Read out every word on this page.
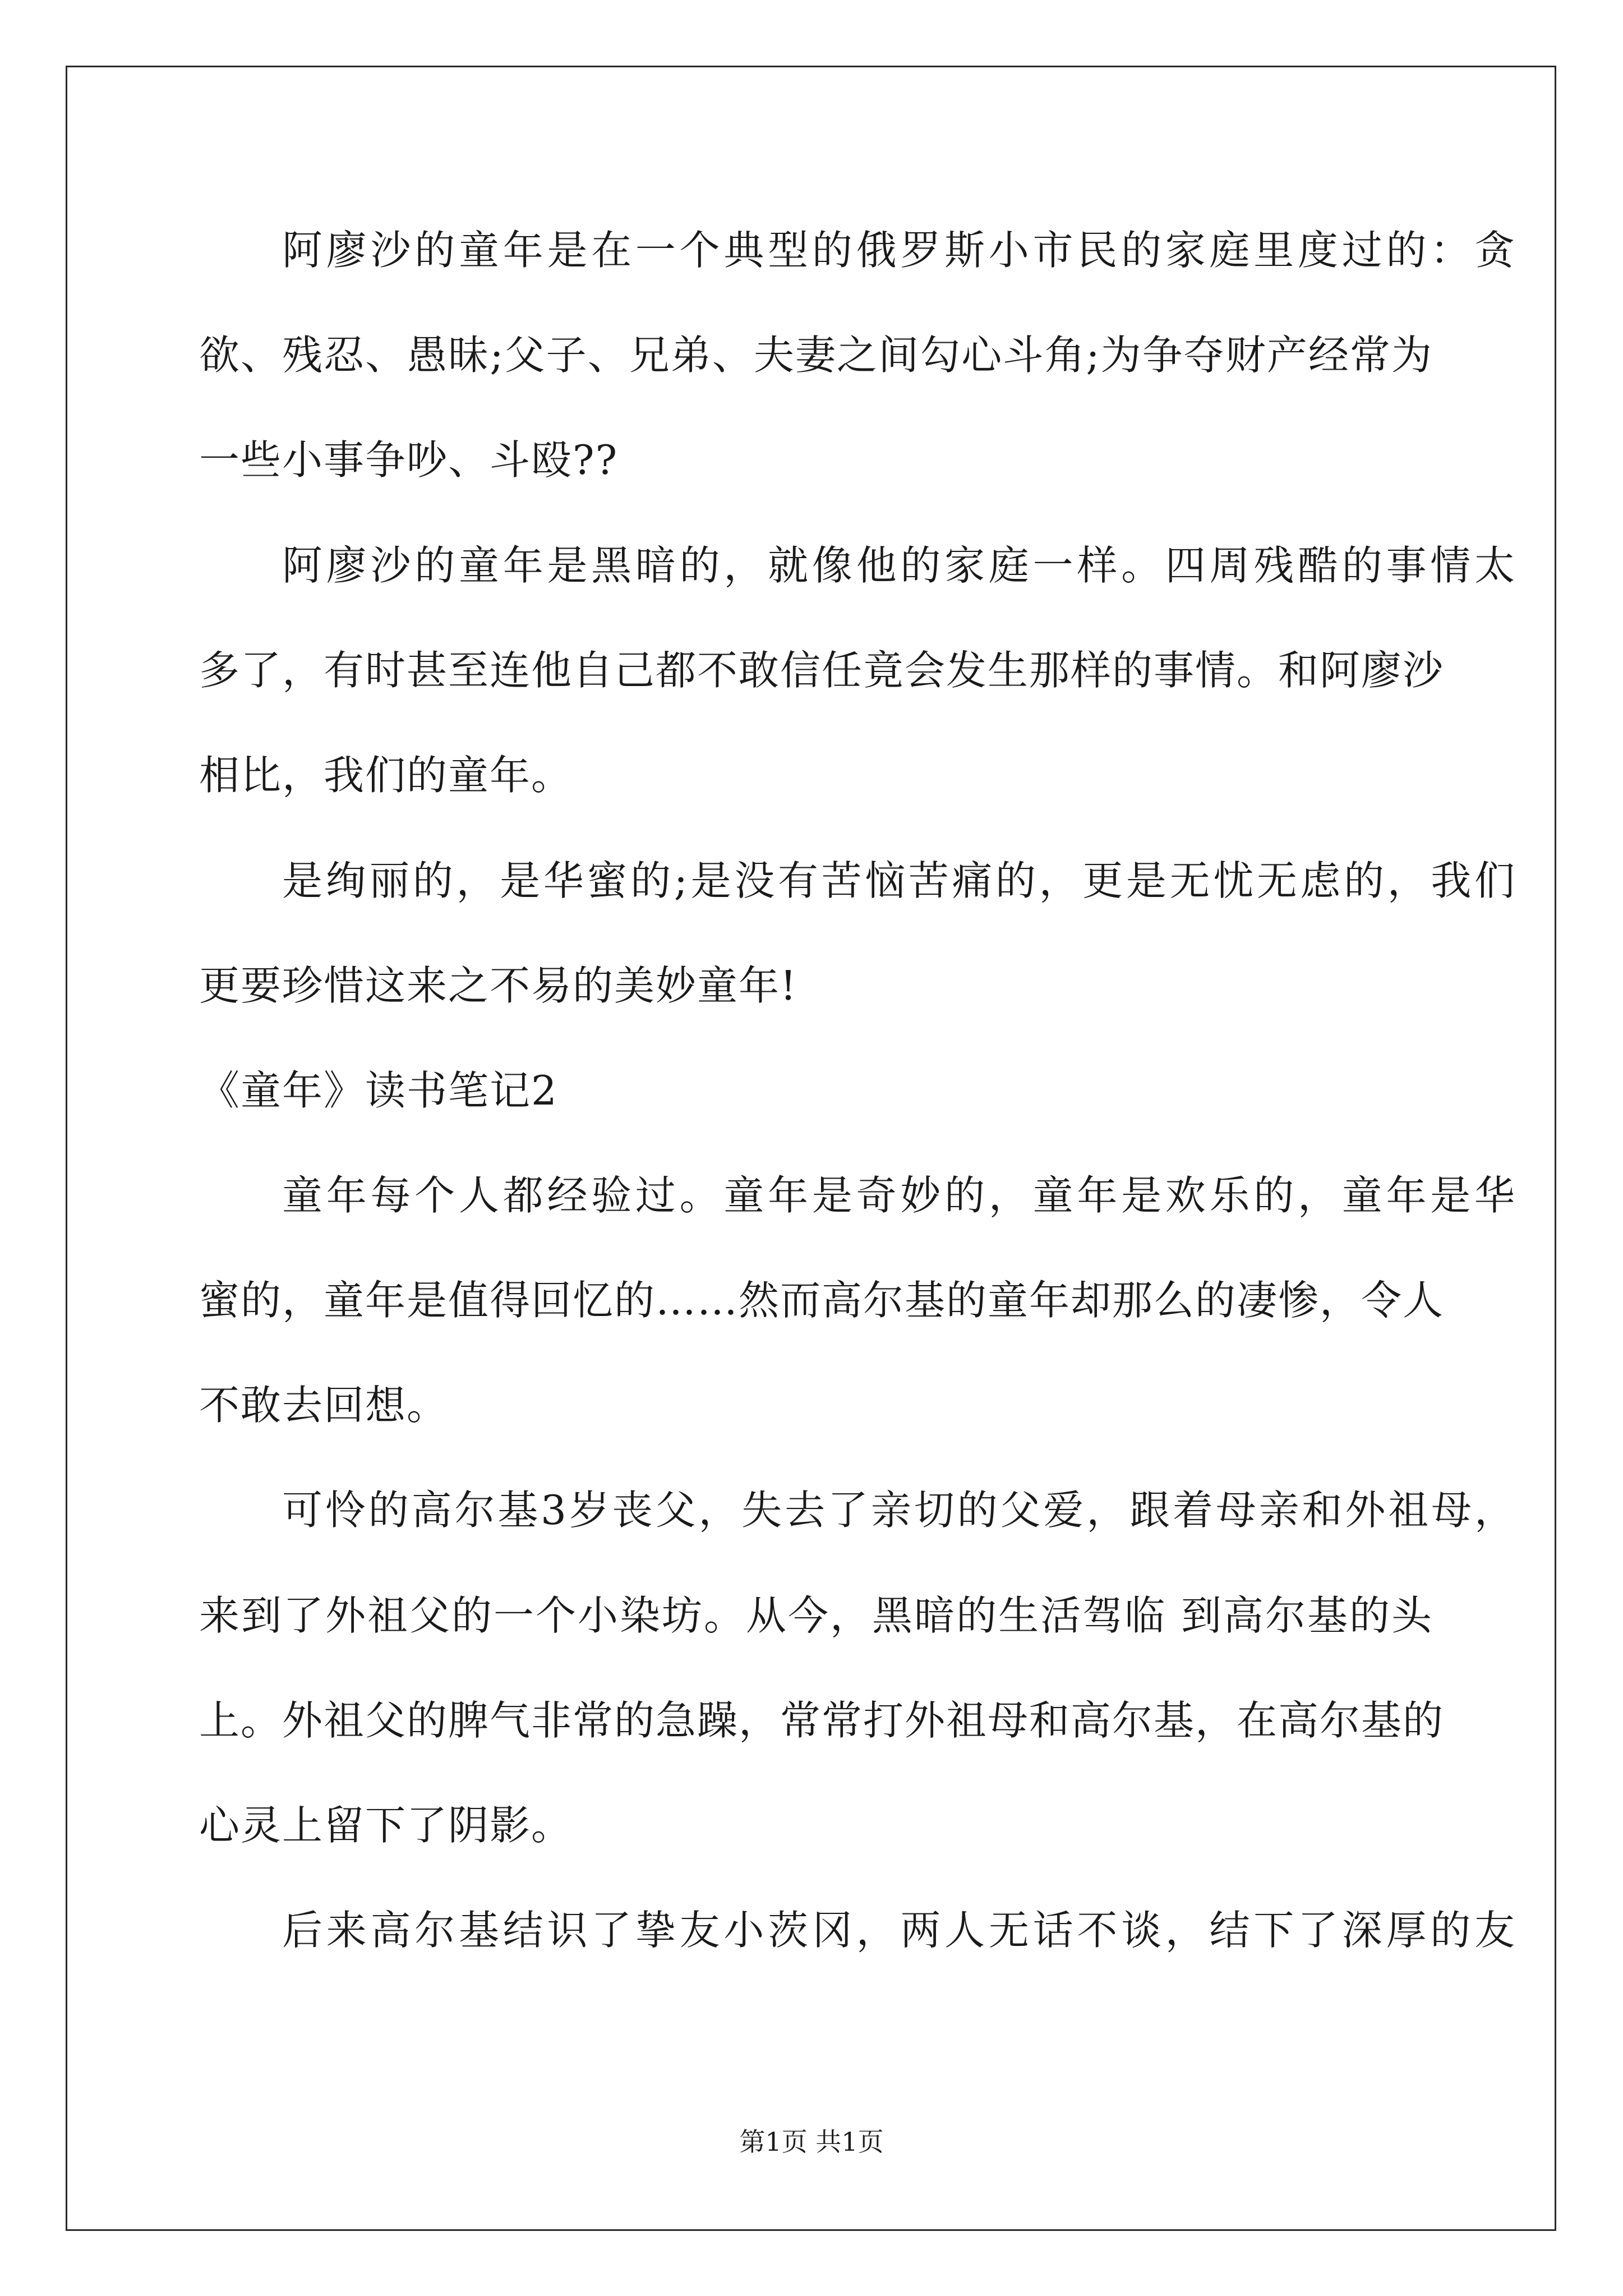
阿廖沙的童年是在一个典型的俄罗斯小市民的家庭里度过的：贪
欲、残忍、愚昧;父子、兄弟、夫妻之间勾心斗角;为争夺财产经常为
一些小事争吵、斗殴??
阿廖沙的童年是黑暗的，就像他的家庭一样。四周残酷的事情太
多了，有时甚至连他自己都不敢信任竟会发生那样的事情。和阿廖沙
相比，我们的童年。
是绚丽的，是华蜜的;是没有苦恼苦痛的，更是无忧无虑的，我们
更要珍惜这来之不易的美妙童年!
《童年》读书笔记2
童年每个人都经验过。童年是奇妙的，童年是欢乐的，童年是华
蜜的，童年是值得回忆的……然而高尔基的童年却那么的凄惨，令人
不敢去回想。
可怜的高尔基3岁丧父，失去了亲切的父爱，跟着母亲和外祖母，
来到了外祖父的一个小染坊。从今，黑暗的生活驾临 到高尔基的头
上。外祖父的脾气非常的急躁，常常打外祖母和高尔基，在高尔基的
心灵上留下了阴影。
后来高尔基结识了挚友小茨冈，两人无话不谈，结下了深厚的友
第1页 共1页
